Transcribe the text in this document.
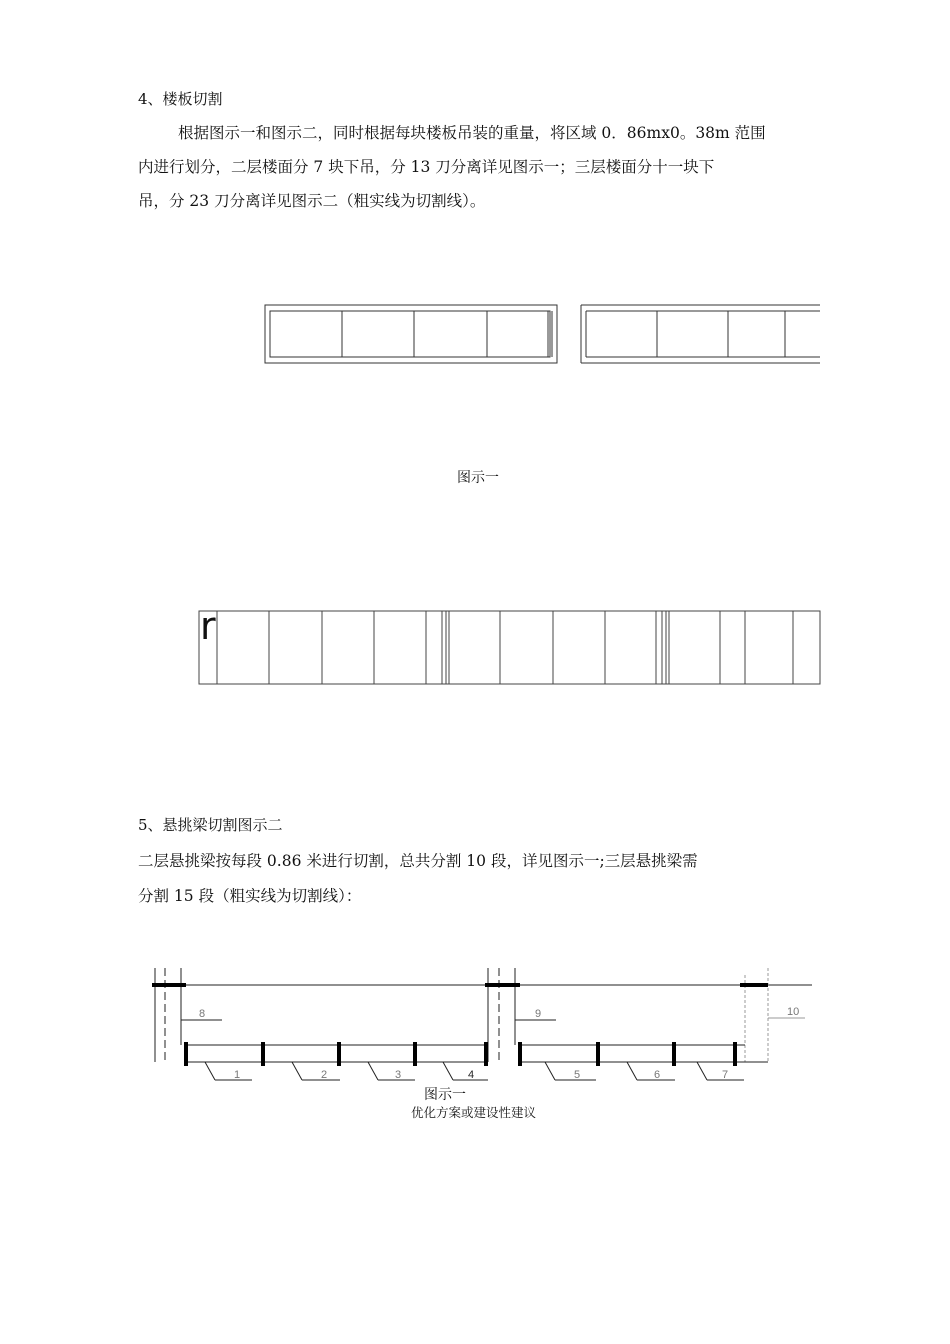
4、楼板切割
根据图示一和图示二，同时根据每块楼板吊装的重量，将区域 0．86mx0。38m 范围
内进行划分，二层楼面分 7 块下吊，分 13 刀分离详见图示一；三层楼面分十一块下
吊，分 23 刀分离详见图示二（粗实线为切割线）。
图示一
r
5、悬挑梁切割图示二
二层悬挑梁按每段 0.86 米进行切割，总共分割 10 段，详见图示一;三层悬挑梁需
分割 15 段（粗实线为切割线）：
1	2	3	4	5	6	7
8	9	10
图示一
优化方案或建设性建议
